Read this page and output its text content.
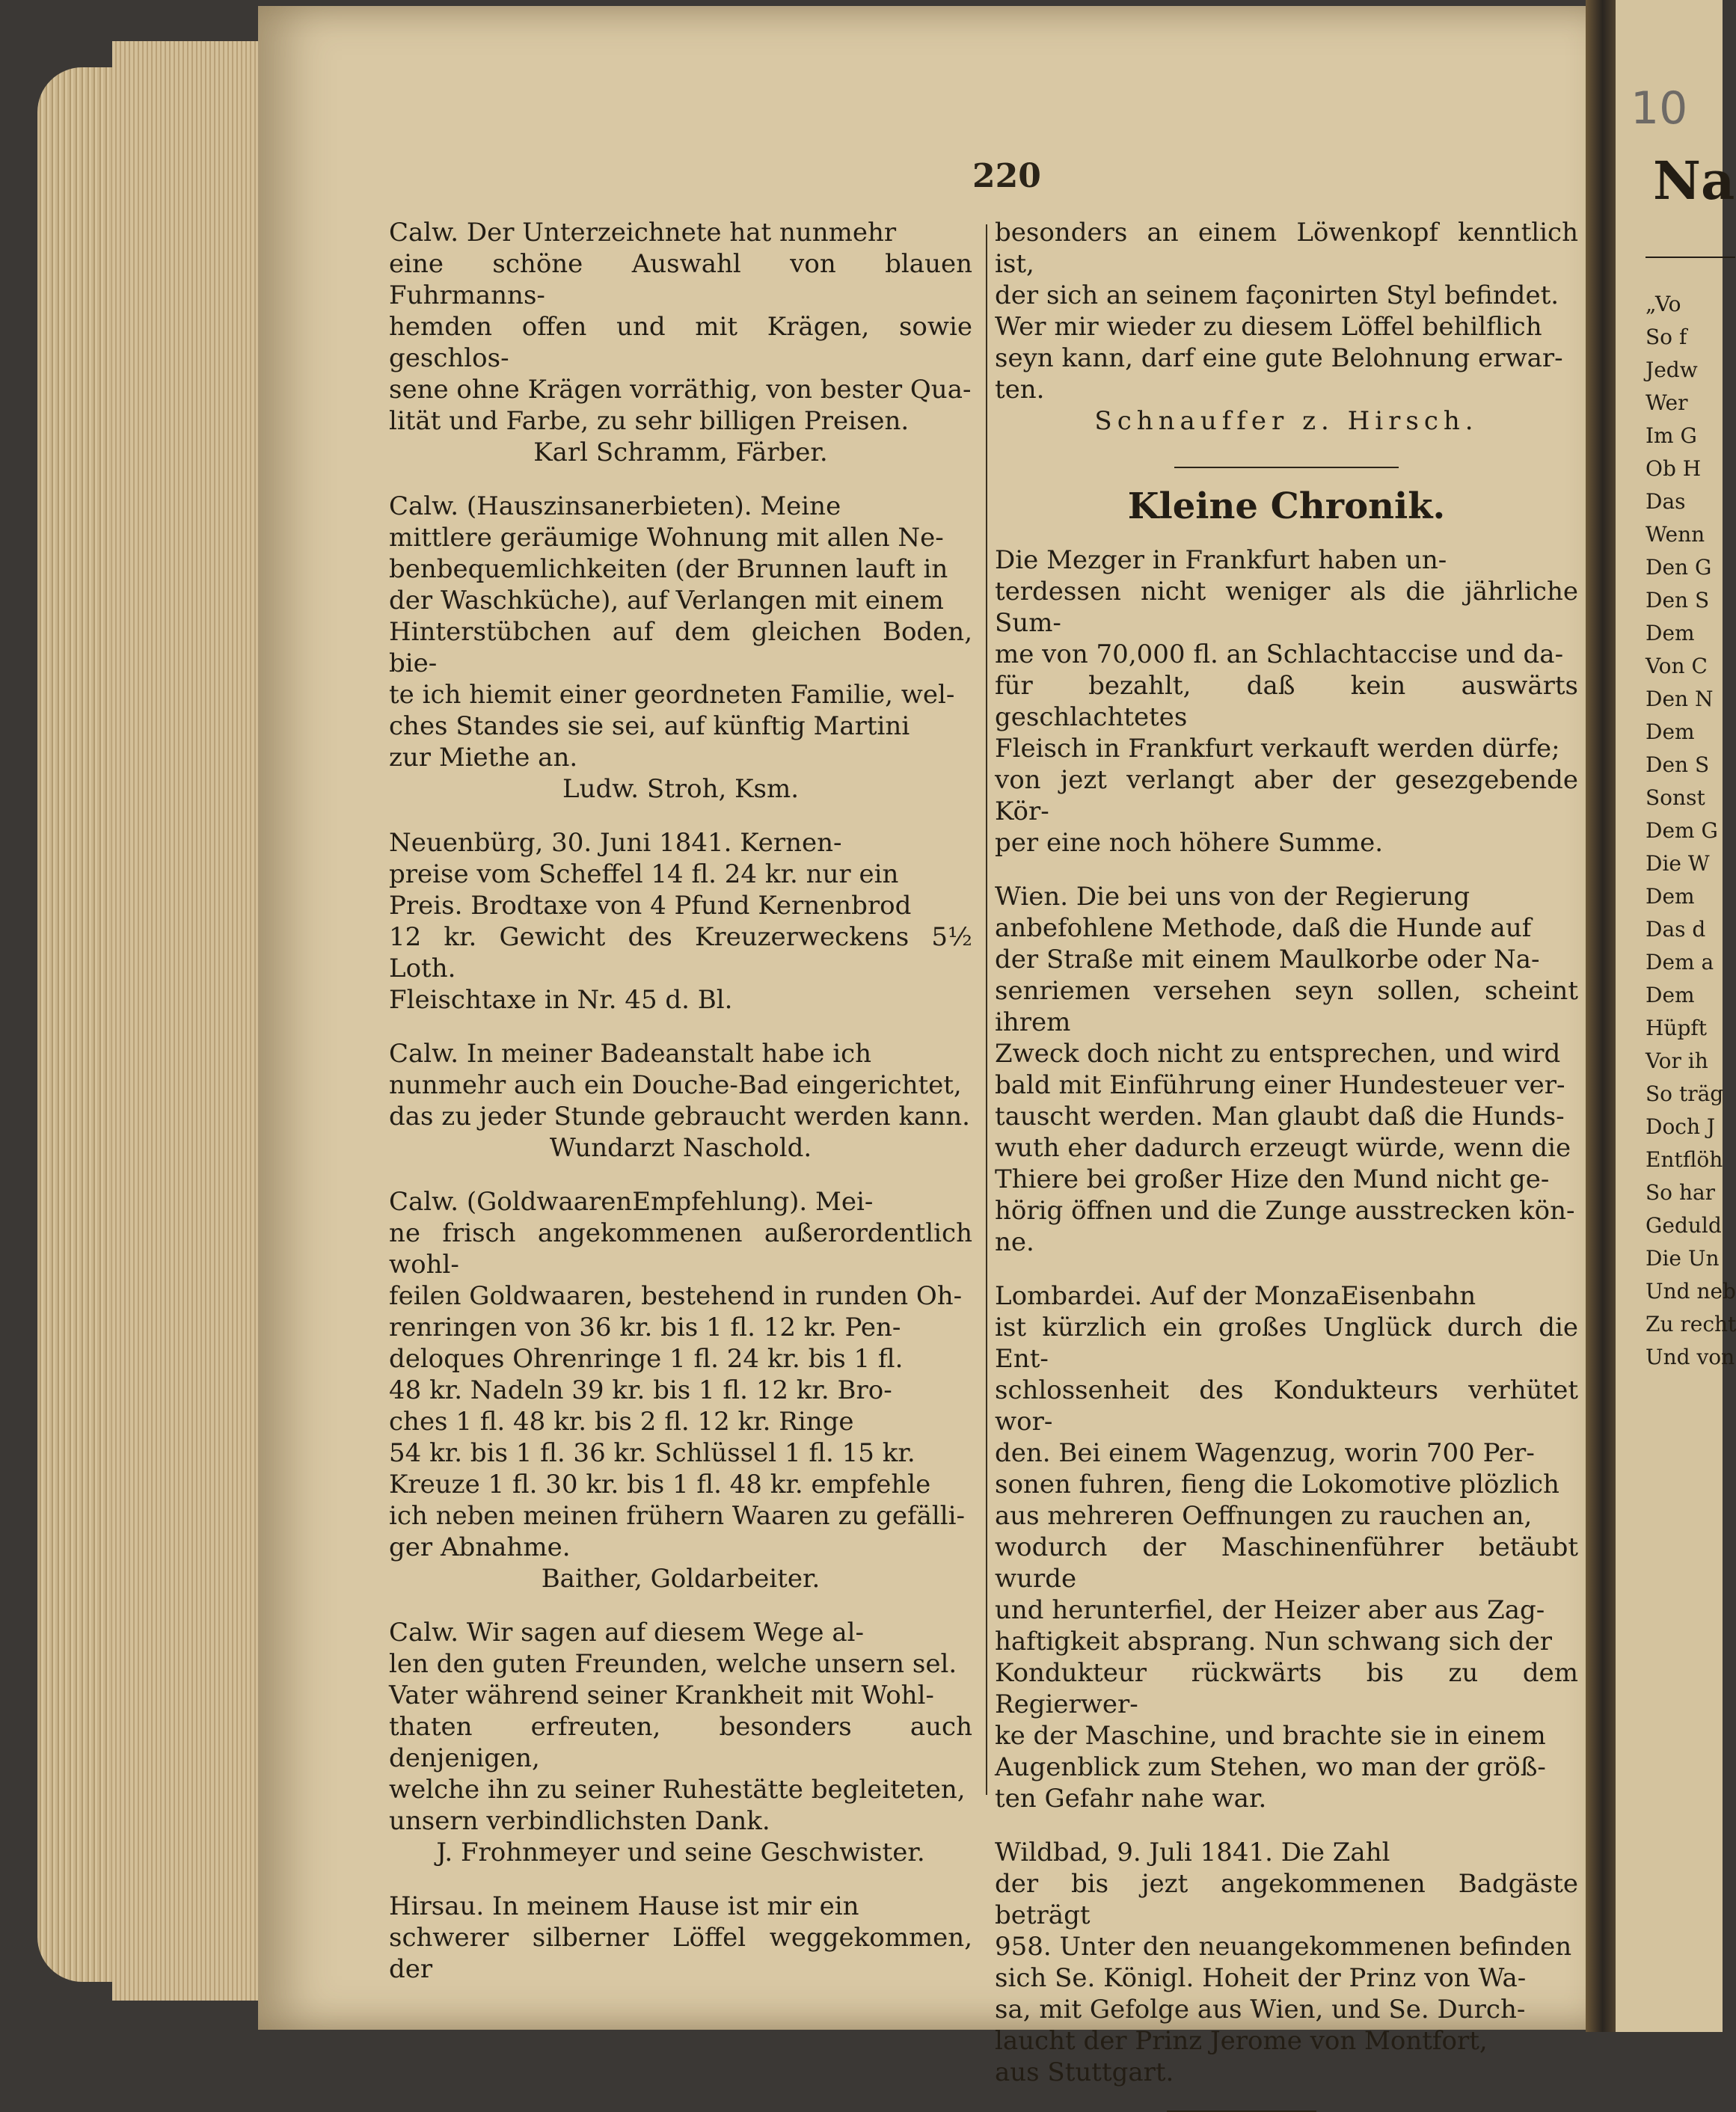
Na
„Vo
So f
Jedw
Wer
Im G
Ob H
Das
Wenn
Den G
Den S
Dem
Von C
Den N
Dem
Den S
Sonst
Dem G
Die W
Dem
Das d
Dem a
Dem
Hüpft
Vor ih
So träg
Doch J
Entflöh
So har
Geduld
Die Un
Und neb
Zu recht
Und von
10
220

Calw. Der Unterzeichnete hat nunmehr

eine schöne Auswahl von blauen Fuhrmanns-

hemden offen und mit Krägen, sowie geschlos-

sene ohne Krägen vorräthig, von bester Qua-

lität und Farbe, zu sehr billigen Preisen.

Karl Schramm, Färber.

Calw. (Hauszinsanerbieten). Meine

mittlere geräumige Wohnung mit allen Ne-

benbequemlichkeiten (der Brunnen lauft in

der Waschküche), auf Verlangen mit einem

Hinterstübchen auf dem gleichen Boden, bie-

te ich hiemit einer geordneten Familie, wel-

ches Standes sie sei, auf künftig Martini

zur Miethe an.

Ludw. Stroh, Ksm.

Neuenbürg, 30. Juni 1841. Kernen-

preise vom Scheffel 14 fl. 24 kr. nur ein

Preis. Brodtaxe von 4 Pfund Kernenbrod

12 kr. Gewicht des Kreuzerweckens 5½ Loth.

Fleischtaxe in Nr. 45 d. Bl.

Calw. In meiner Badeanstalt habe ich

nunmehr auch ein Douche-Bad eingerichtet,

das zu jeder Stunde gebraucht werden kann.

Wundarzt Naschold.

Calw. (GoldwaarenEmpfehlung). Mei-

ne frisch angekommenen außerordentlich wohl-

feilen Goldwaaren, bestehend in runden Oh-

renringen von 36 kr. bis 1 fl. 12 kr. Pen-

deloques Ohrenringe 1 fl. 24 kr. bis 1 fl.

48 kr. Nadeln 39 kr. bis 1 fl. 12 kr. Bro-

ches 1 fl. 48 kr. bis 2 fl. 12 kr. Ringe

54 kr. bis 1 fl. 36 kr. Schlüssel 1 fl. 15 kr.

Kreuze 1 fl. 30 kr. bis 1 fl. 48 kr. empfehle

ich neben meinen frühern Waaren zu gefälli-

ger Abnahme.

Baither, Goldarbeiter.

Calw. Wir sagen auf diesem Wege al-

len den guten Freunden, welche unsern sel.

Vater während seiner Krankheit mit Wohl-

thaten erfreuten, besonders auch denjenigen,

welche ihn zu seiner Ruhestätte begleiteten,

unsern verbindlichsten Dank.

J. Frohnmeyer und seine Geschwister.

Hirsau. In meinem Hause ist mir ein

schwerer silberner Löffel weggekommen, der

besonders an einem Löwenkopf kenntlich ist,

der sich an seinem façonirten Styl befindet.

Wer mir wieder zu diesem Löffel behilflich

seyn kann, darf eine gute Belohnung erwar-

ten.

Schnauffer z. Hirsch.

Kleine Chronik.

Die Mezger in Frankfurt haben un-

terdessen nicht weniger als die jährliche Sum-

me von 70,000 fl. an Schlachtaccise und da-

für bezahlt, daß kein auswärts geschlachtetes

Fleisch in Frankfurt verkauft werden dürfe;

von jezt verlangt aber der gesezgebende Kör-

per eine noch höhere Summe.

Wien. Die bei uns von der Regierung

anbefohlene Methode, daß die Hunde auf

der Straße mit einem Maulkorbe oder Na-

senriemen versehen seyn sollen, scheint ihrem

Zweck doch nicht zu entsprechen, und wird

bald mit Einführung einer Hundesteuer ver-

tauscht werden. Man glaubt daß die Hunds-

wuth eher dadurch erzeugt würde, wenn die

Thiere bei großer Hize den Mund nicht ge-

hörig öffnen und die Zunge ausstrecken kön-

ne.

Lombardei. Auf der MonzaEisenbahn

ist kürzlich ein großes Unglück durch die Ent-

schlossenheit des Kondukteurs verhütet wor-

den. Bei einem Wagenzug, worin 700 Per-

sonen fuhren, fieng die Lokomotive plözlich

aus mehreren Oeffnungen zu rauchen an,

wodurch der Maschinenführer betäubt wurde

und herunterfiel, der Heizer aber aus Zag-

haftigkeit absprang. Nun schwang sich der

Kondukteur rückwärts bis zu dem Regierwer-

ke der Maschine, und brachte sie in einem

Augenblick zum Stehen, wo man der größ-

ten Gefahr nahe war.

Wildbad, 9. Juli 1841. Die Zahl

der bis jezt angekommenen Badgäste beträgt

958. Unter den neuangekommenen befinden

sich Se. Königl. Hoheit der Prinz von Wa-

sa, mit Gefolge aus Wien, und Se. Durch-

laucht der Prinz Jerome von Montfort,

aus Stuttgart.
